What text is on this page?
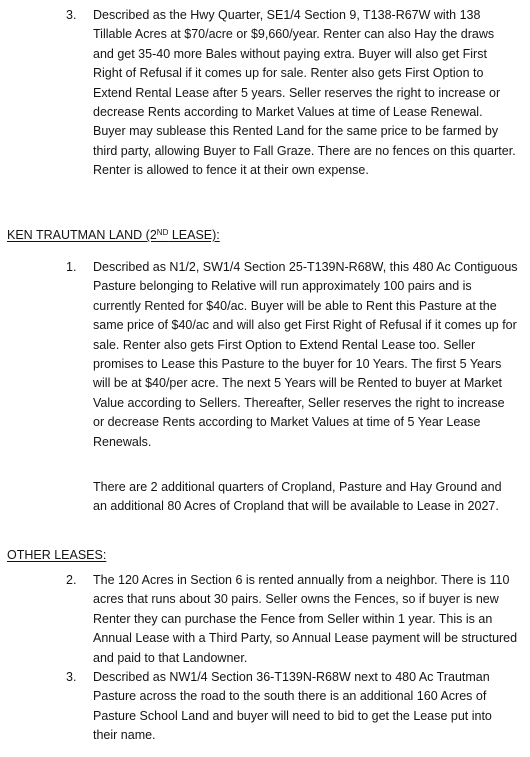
3. Described as the Hwy Quarter, SE1/4 Section 9, T138-R67W with 138 Tillable Acres at $70/acre or $9,660/year. Renter can also Hay the draws and get 35-40 more Bales without paying extra. Buyer will also get First Right of Refusal if it comes up for sale. Renter also gets First Option to Extend Rental Lease after 5 years. Seller reserves the right to increase or decrease Rents according to Market Values at time of Lease Renewal. Buyer may sublease this Rented Land for the same price to be farmed by third party, allowing Buyer to Fall Graze. There are no fences on this quarter. Renter is allowed to fence it at their own expense.
KEN TRAUTMAN LAND (2ND LEASE):
1. Described as N1/2, SW1/4 Section 25-T139N-R68W, this 480 Ac Contiguous Pasture belonging to Relative will run approximately 100 pairs and is currently Rented for $40/ac. Buyer will be able to Rent this Pasture at the same price of $40/ac and will also get First Right of Refusal if it comes up for sale. Renter also gets First Option to Extend Rental Lease too. Seller promises to Lease this Pasture to the buyer for 10 Years. The first 5 Years will be at $40/per acre. The next 5 Years will be Rented to buyer at Market Value according to Sellers. Thereafter, Seller reserves the right to increase or decrease Rents according to Market Values at time of 5 Year Lease Renewals.
There are 2 additional quarters of Cropland, Pasture and Hay Ground and an additional 80 Acres of Cropland that will be available to Lease in 2027.
OTHER LEASES:
2. The 120 Acres in Section 6 is rented annually from a neighbor. There is 110 acres that runs about 30 pairs. Seller owns the Fences, so if buyer is new Renter they can purchase the Fence from Seller within 1 year. This is an Annual Lease with a Third Party, so Annual Lease payment will be structured and paid to that Landowner.
3. Described as NW1/4 Section 36-T139N-R68W next to 480 Ac Trautman Pasture across the road to the south there is an additional 160 Acres of Pasture School Land and buyer will need to bid to get the Lease put into their name.
